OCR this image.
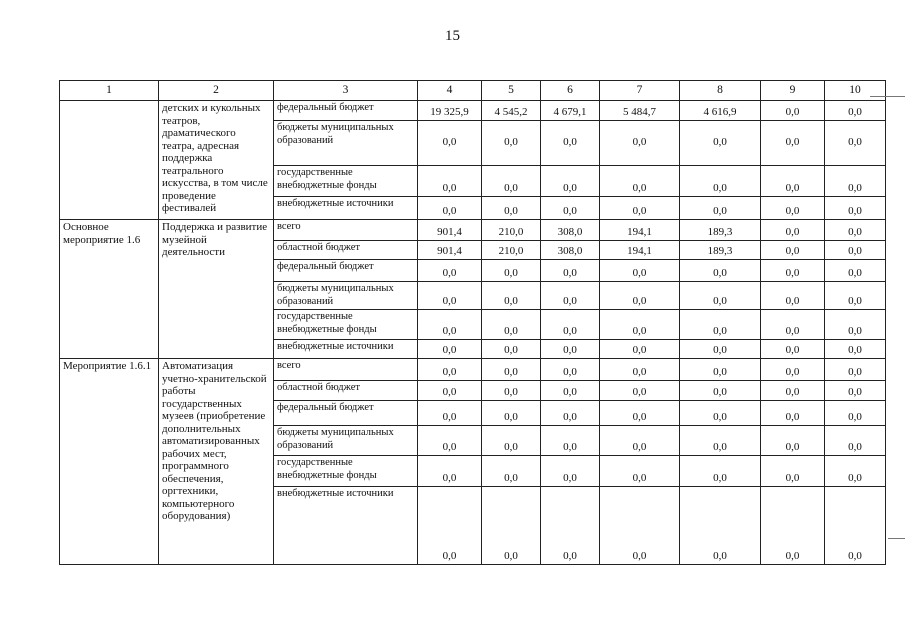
15
1	2	3	4	5	6	7	8	9	10
	детских и кукольных театров, драматического театра, адресная поддержка театрального искусства, в том числе проведение фестивалей	федеральный бюджет	19 325,9	4 545,2	4 679,1	5 484,7	4 616,9	0,0	0,0
		бюджеты муниципальных образований	0,0	0,0	0,0	0,0	0,0	0,0	0,0
		государственные внебюджетные фонды	0,0	0,0	0,0	0,0	0,0	0,0	0,0
		внебюджетные источники	0,0	0,0	0,0	0,0	0,0	0,0	0,0
Основное мероприятие 1.6	Поддержка и развитие музейной деятельности	всего	901,4	210,0	308,0	194,1	189,3	0,0	0,0
		областной бюджет	901,4	210,0	308,0	194,1	189,3	0,0	0,0
		федеральный бюджет	0,0	0,0	0,0	0,0	0,0	0,0	0,0
		бюджеты муниципальных образований	0,0	0,0	0,0	0,0	0,0	0,0	0,0
		государственные внебюджетные фонды	0,0	0,0	0,0	0,0	0,0	0,0	0,0
		внебюджетные источники	0,0	0,0	0,0	0,0	0,0	0,0	0,0
Мероприятие 1.6.1	Автоматизация учетно-хранительской работы государственных музеев (приобретение дополнительных автоматизированных рабочих мест, программного обеспечения, оргтехники, компьютерного оборудования)	всего	0,0	0,0	0,0	0,0	0,0	0,0	0,0
		областной бюджет	0,0	0,0	0,0	0,0	0,0	0,0	0,0
		федеральный бюджет	0,0	0,0	0,0	0,0	0,0	0,0	0,0
		бюджеты муниципальных образований	0,0	0,0	0,0	0,0	0,0	0,0	0,0
		государственные внебюджетные фонды	0,0	0,0	0,0	0,0	0,0	0,0	0,0
		внебюджетные источники	0,0	0,0	0,0	0,0	0,0	0,0	0,0
